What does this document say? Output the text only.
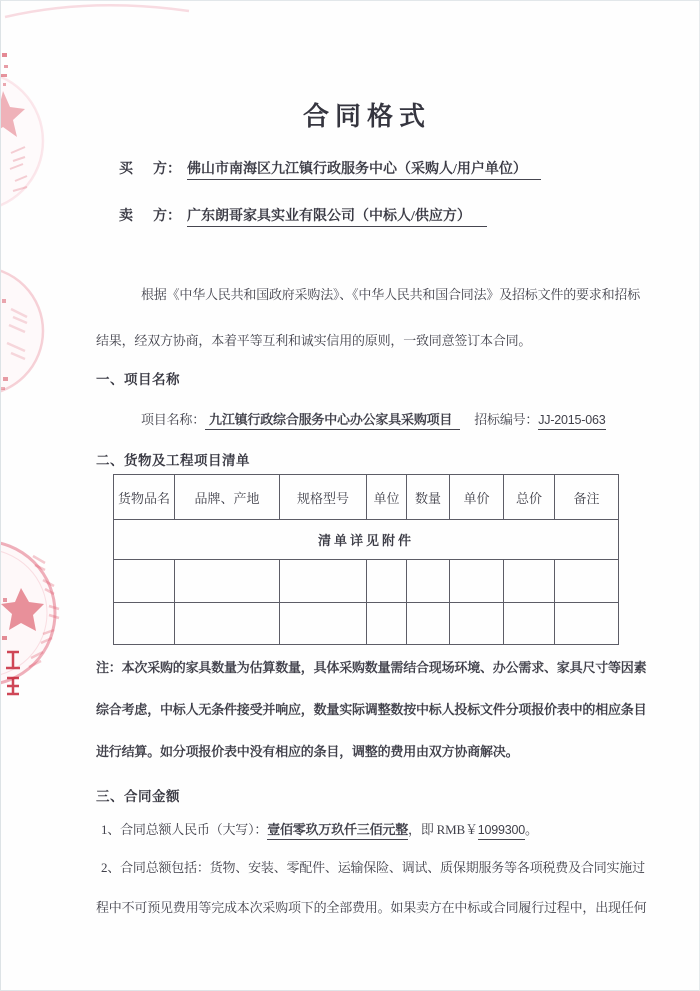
合同格式
买 方： 佛山市南海区九江镇行政服务中心（采购人/用户单位）
卖 方： 广东朗哥家具实业有限公司（中标人/供应方）
根据《中华人民共和国政府采购法》、《中华人民共和国合同法》及招标文件的要求和招标
结果，经双方协商，本着平等互利和诚实信用的原则，一致同意签订本合同。
一、项目名称
项目名称： 九江镇行政综合服务中心办公家具采购项目 招标编号：JJ-2015-063
二、货物及工程项目清单
货物品名	品牌、产地	规格型号	单位	数量	单价	总价	备注
清单详见附件							

注：本次采购的家具数量为估算数量，具体采购数量需结合现场环境、办公需求、家具尺寸等因素
综合考虑，中标人无条件接受并响应，数量实际调整数按中标人投标文件分项报价表中的相应条目
进行结算。如分项报价表中没有相应的条目，调整的费用由双方协商解决。
三、合同金额
1、合同总额人民币（大写）：壹佰零玖万玖仟三佰元整，即 RMB￥1099300。
2、合同总额包括：货物、安装、零配件、运输保险、调试、质保期服务等各项税费及合同实施过
程中不可预见费用等完成本次采购项下的全部费用。如果卖方在中标或合同履行过程中，出现任何
